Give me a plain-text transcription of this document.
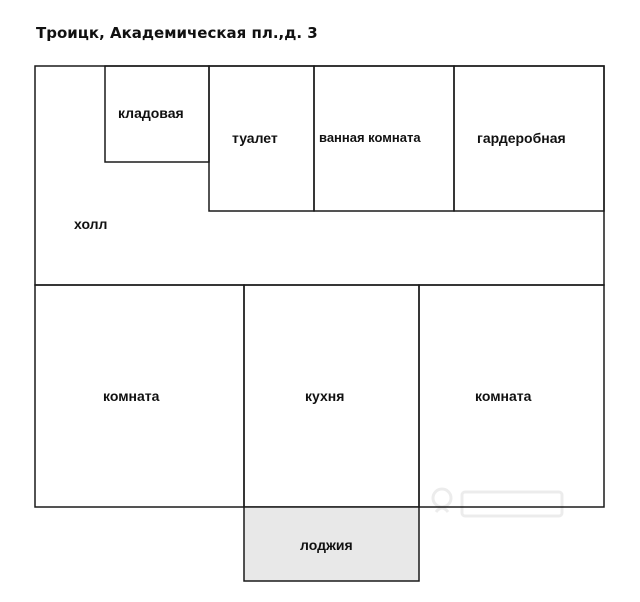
Троицк, Академическая пл.,д. 3
кладовая
туалет	ванная комната	гардеробная
холл
комната	кухня	комната
лоджия
